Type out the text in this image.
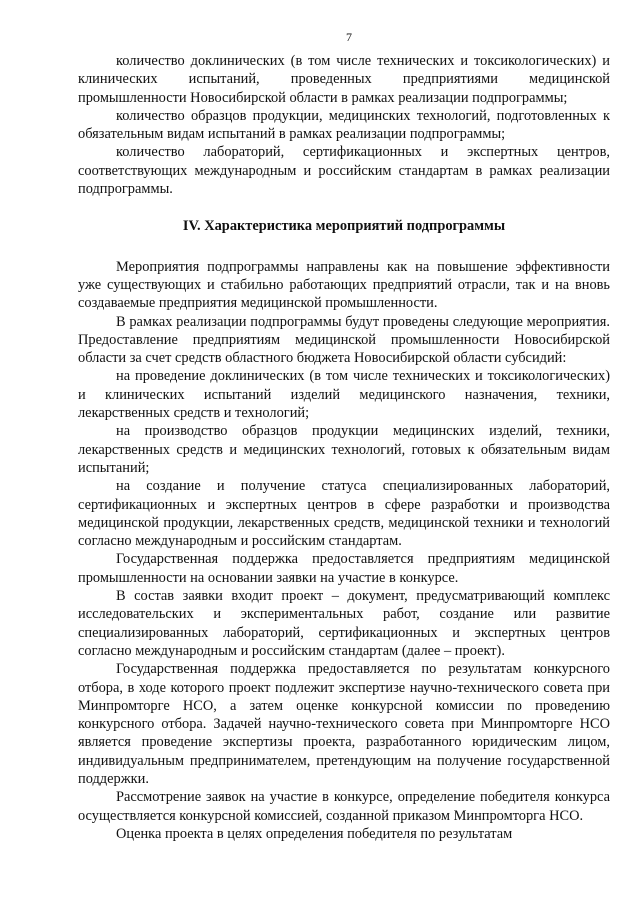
7

количество доклинических (в том числе технических и токсикологических) и клинических испытаний, проведенных предприятиями медицинской промышленности Новосибирской области в рамках реализации подпрограммы;

количество образцов продукции, медицинских технологий, подготовленных к обязательным видам испытаний в рамках реализации подпрограммы;

количество лабораторий, сертификационных и экспертных центров, соответствующих международным и российским стандартам в рамках реализации подпрограммы.

IV. Характеристика мероприятий подпрограммы

Мероприятия подпрограммы направлены как на повышение эффективности уже существующих и стабильно работающих предприятий отрасли, так и на вновь создаваемые предприятия медицинской промышленности.

В рамках реализации подпрограммы будут проведены следующие мероприятия. Предоставление предприятиям медицинской промышленности Новосибирской области за счет средств областного бюджета Новосибирской области субсидий:

на проведение доклинических (в том числе технических и токсикологических) и клинических испытаний изделий медицинского назначения, техники, лекарственных средств и технологий;

на производство образцов продукции медицинских изделий, техники, лекарственных средств и медицинских технологий, готовых к обязательным видам испытаний;

на создание и получение статуса специализированных лабораторий, сертификационных и экспертных центров в сфере разработки и производства медицинской продукции, лекарственных средств, медицинской техники и технологий согласно международным и российским стандартам.

Государственная поддержка предоставляется предприятиям медицинской промышленности на основании заявки на участие в конкурсе.

В состав заявки входит проект – документ, предусматривающий комплекс исследовательских и экспериментальных работ, создание или развитие специализированных лабораторий, сертификационных и экспертных центров согласно международным и российским стандартам (далее – проект).

Государственная поддержка предоставляется по результатам конкурсного отбора, в ходе которого проект подлежит экспертизе научно-технического совета при Минпромторге НСО, а затем оценке конкурсной комиссии по проведению конкурсного отбора. Задачей научно-технического совета при Минпромторге НСО является проведение экспертизы проекта, разработанного юридическим лицом, индивидуальным предпринимателем, претендующим на получение государственной поддержки.

Рассмотрение заявок на участие в конкурсе, определение победителя конкурса осуществляется конкурсной комиссией, созданной приказом Минпромторга НСО.

Оценка проекта в целях определения победителя по результатам
